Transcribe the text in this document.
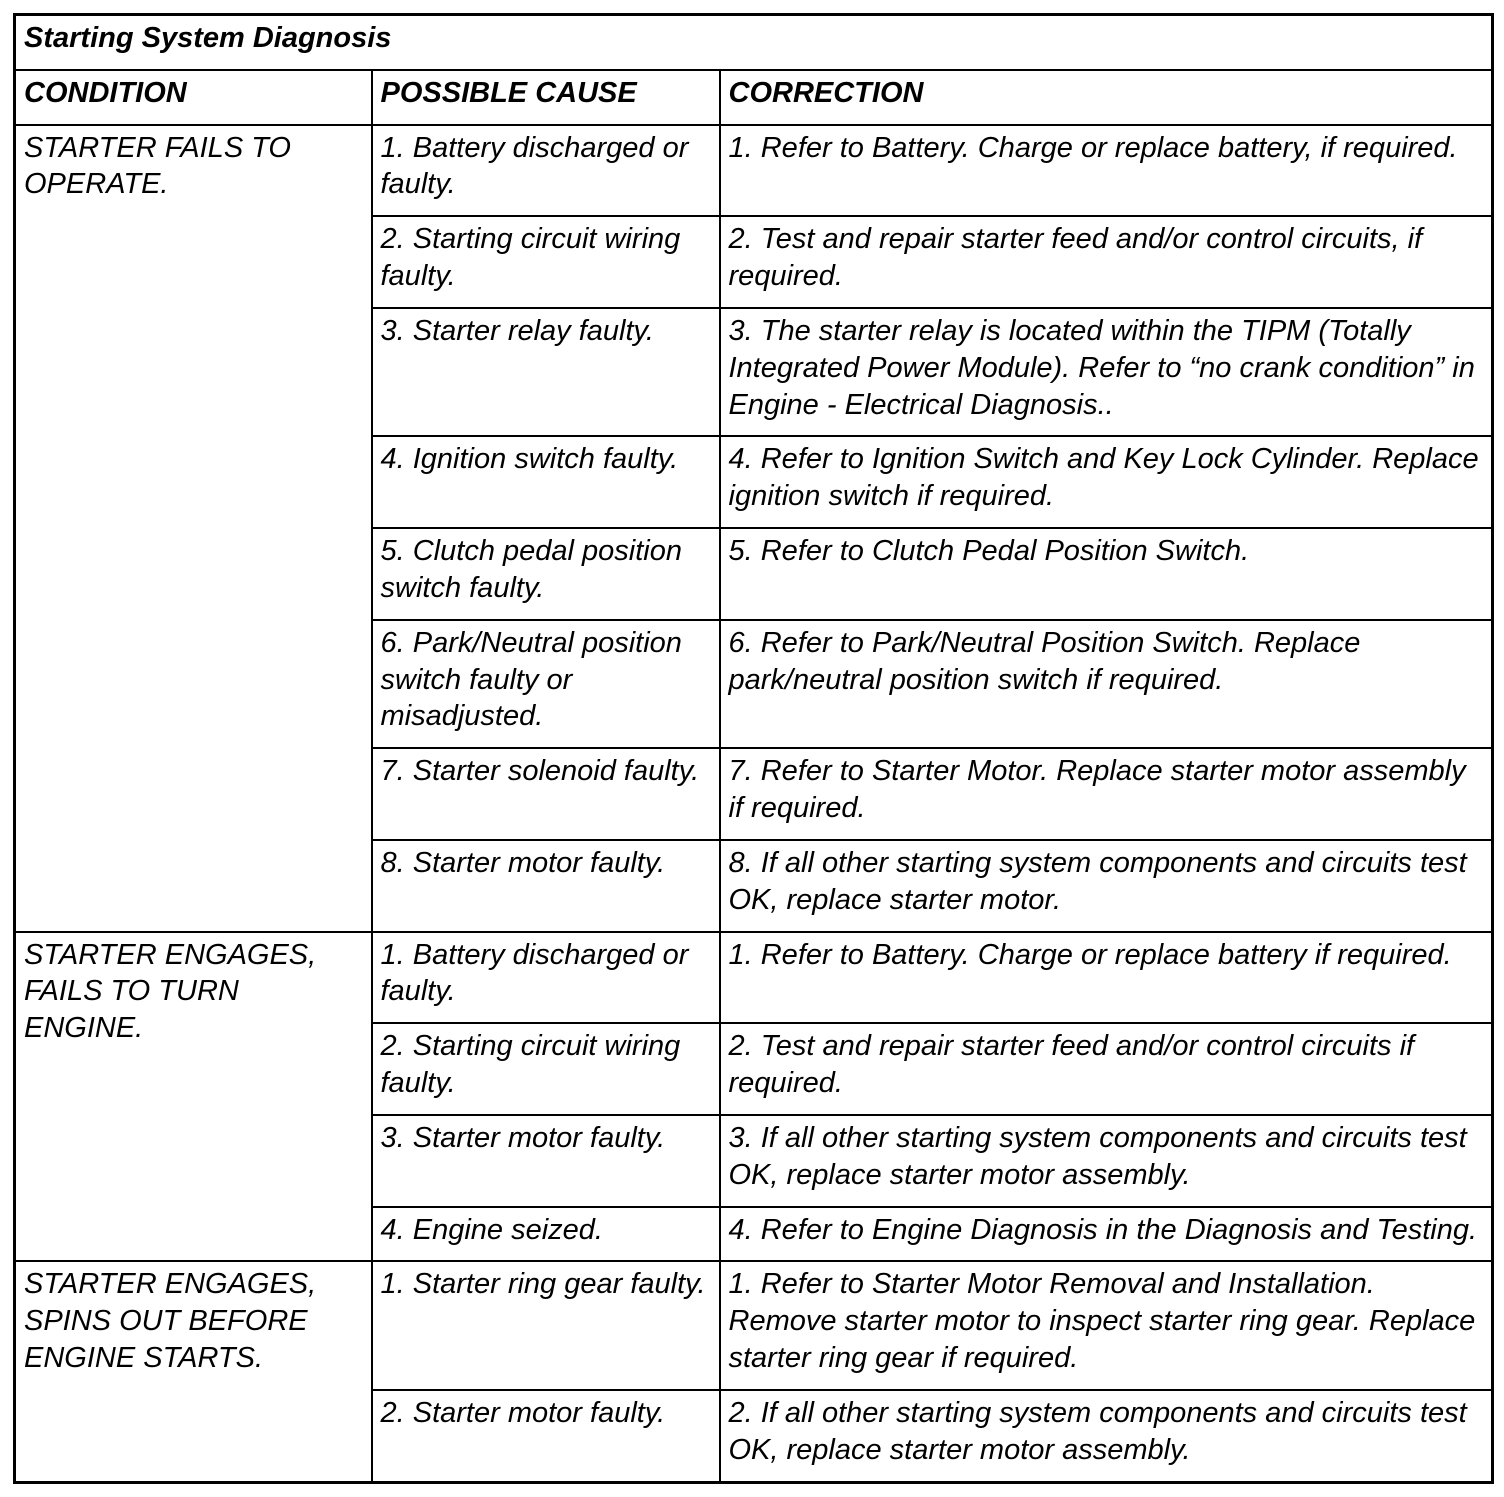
Starting System Diagnosis		
CONDITION	POSSIBLE CAUSE	CORRECTION
STARTER FAILS TO OPERATE.	1. Battery discharged or faulty.	1. Refer to Battery. Charge or replace battery, if required.
	2. Starting circuit wiring faulty.	2. Test and repair starter feed and/or control circuits, if required.
	3. Starter relay faulty.	3. The starter relay is located within the TIPM (Totally Integrated Power Module). Refer to “no crank condition” in Engine - Electrical Diagnosis..
	4. Ignition switch faulty.	4. Refer to Ignition Switch and Key Lock Cylinder. Replace ignition switch if required.
	5. Clutch pedal position switch faulty.	5. Refer to Clutch Pedal Position Switch.
	6. Park/Neutral position switch faulty or misadjusted.	6. Refer to Park/Neutral Position Switch. Replace park/neutral position switch if required.
	7. Starter solenoid faulty.	7. Refer to Starter Motor. Replace starter motor assembly if required.
	8. Starter motor faulty.	8. If all other starting system components and circuits test OK, replace starter motor.
STARTER ENGAGES, FAILS TO TURN ENGINE.	1. Battery discharged or faulty.	1. Refer to Battery. Charge or replace battery if required.
	2. Starting circuit wiring faulty.	2. Test and repair starter feed and/or control circuits if required.
	3. Starter motor faulty.	3. If all other starting system components and circuits test OK, replace starter motor assembly.
	4. Engine seized.	4. Refer to Engine Diagnosis in the Diagnosis and Testing.
STARTER ENGAGES, SPINS OUT BEFORE ENGINE STARTS.	1. Starter ring gear faulty.	1. Refer to Starter Motor Removal and Installation. Remove starter motor to inspect starter ring gear. Replace starter ring gear if required.
	2. Starter motor faulty.	2. If all other starting system components and circuits test OK, replace starter motor assembly.
